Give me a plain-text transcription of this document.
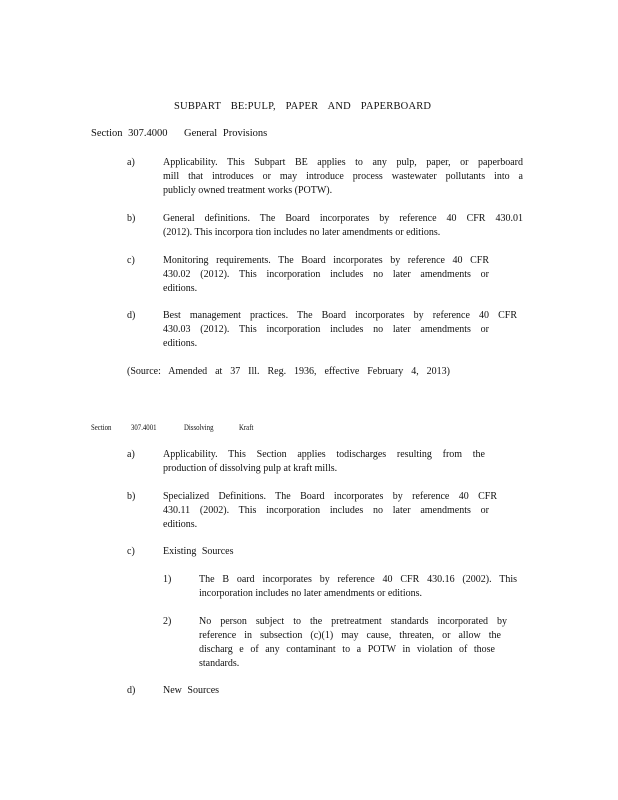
SUBPART BE:PULP, PAPER AND PAPERBOARD
Section 307.4000 General Provisions
a)	Applicability. This Subpart BE applies to any pulp, paper, or paperboard
mill that introduces or may introduce process wastewater pollutants into a
publicly owned treatment works (POTW).
b)	General definitions. The Board incorporates by reference 40 CFR 430.01
(2012). This incorpora tion includes no later amendments or editions.
c)	Monitoring requirements. The Board incorporates by reference 40 CFR
430.02 (2012). This incorporation includes no later amendments or
editions.
d)	Best management practices. The Board incorporates by reference 40 CFR
430.03 (2012). This incorporation includes no later amendments or
editions.
(Source: Amended at 37 Ill. Reg. 1936, effective February 4, 2013)
Section 307.4001	Dissolving	Kraft
a)	Applicability. This Section applies todischarges resulting from the
production of dissolving pulp at kraft mills.
b)	Specialized Definitions. The Board incorporates by reference 40 CFR
430.11 (2002). This incorporation includes no later amendments or
editions.
c)	Existing Sources
1)	The B oard incorporates by reference 40 CFR 430.16 (2002). This
incorporation includes no later amendments or editions.
2)	No person subject to the pretreatment standards incorporated by
reference in subsection (c)(1) may cause, threaten, or allow the
discharg e of any contaminant to a POTW in violation of those
standards.
d)	New Sources
